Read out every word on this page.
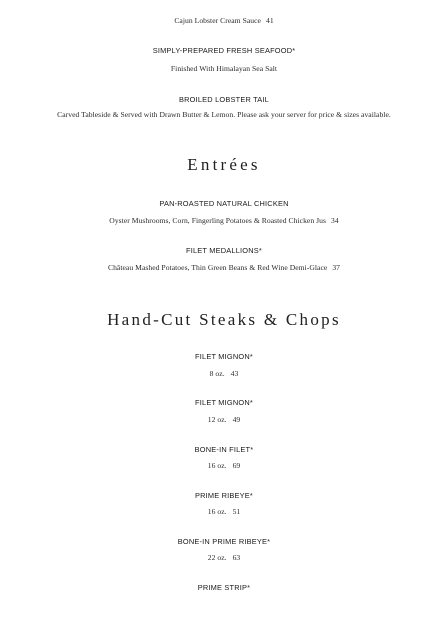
Cajun Lobster Cream Sauce 41
SIMPLY-PREPARED FRESH SEAFOOD*
Finished With Himalayan Sea Salt
BROILED LOBSTER TAIL
Carved Tableside & Served with Drawn Butter & Lemon. Please ask your server for price & sizes available.
Entrées
PAN-ROASTED NATURAL CHICKEN
Oyster Mushrooms, Corn, Fingerling Potatoes & Roasted Chicken Jus 34
FILET MEDALLIONS*
Château Mashed Potatoes, Thin Green Beans & Red Wine Demi-Glace 37
Hand-Cut Steaks & Chops
FILET MIGNON*
8 oz. 43
FILET MIGNON*
12 oz. 49
BONE-IN FILET*
16 oz. 69
PRIME RIBEYE*
16 oz. 51
BONE-IN PRIME RIBEYE*
22 oz. 63
PRIME STRIP*
